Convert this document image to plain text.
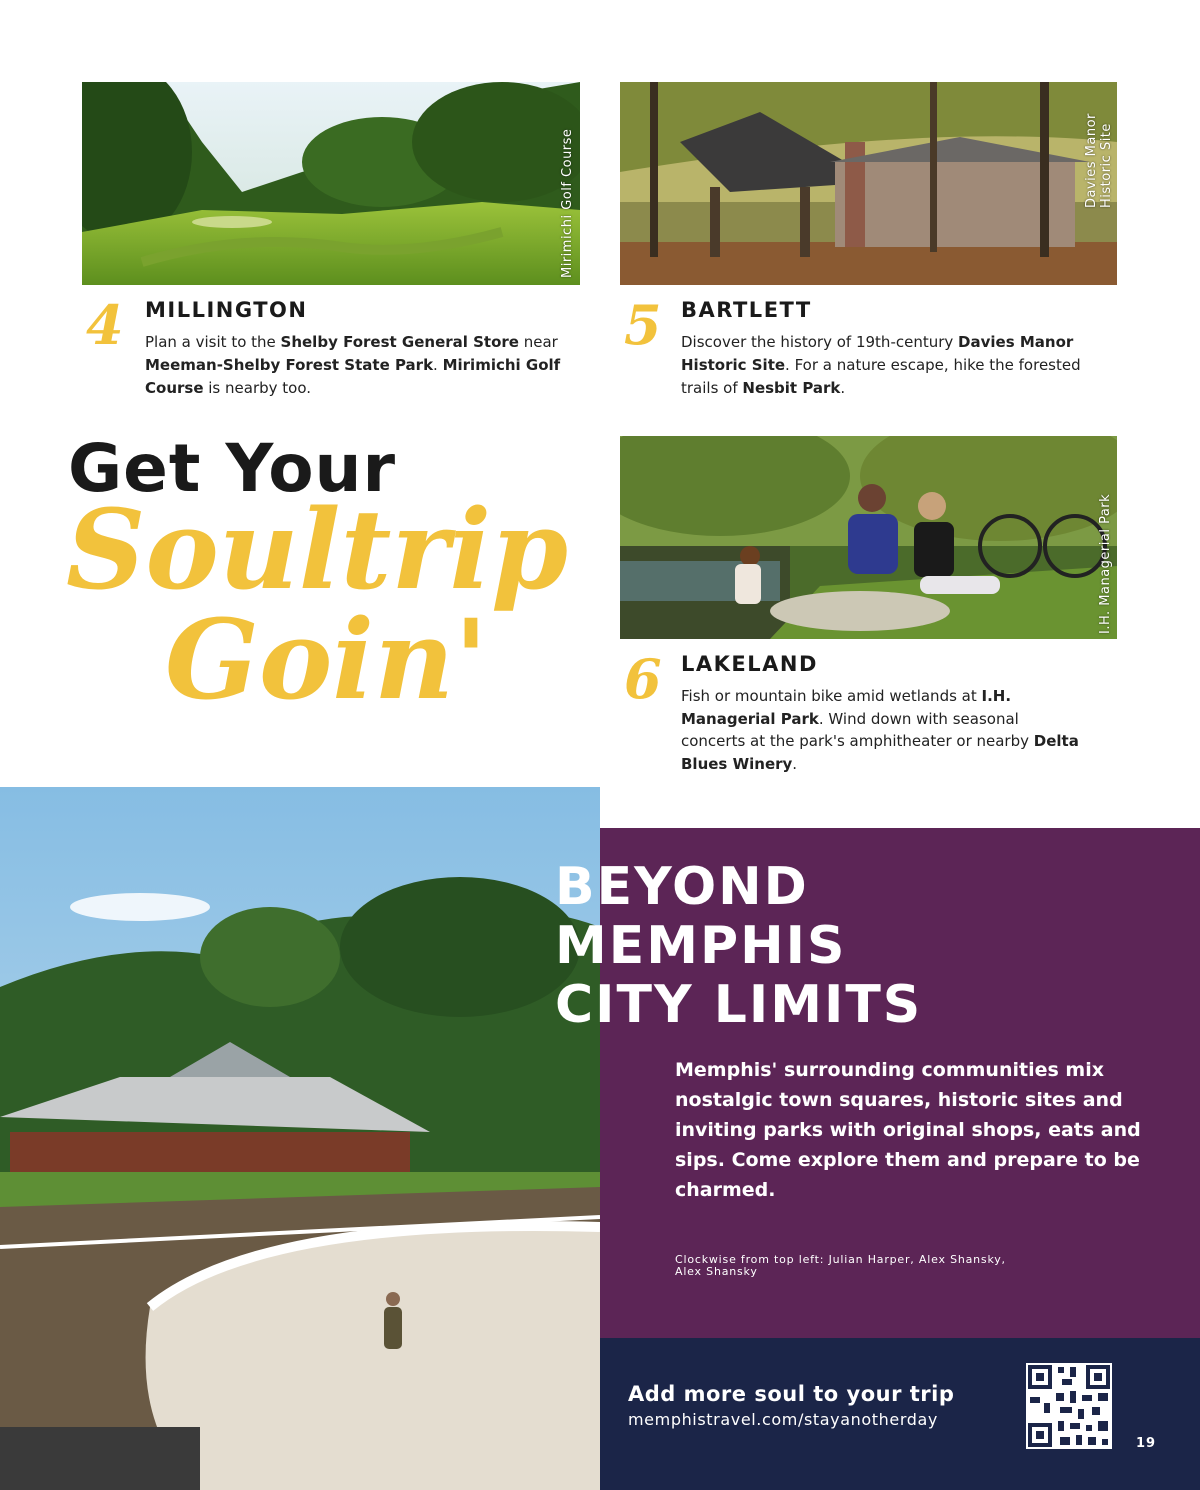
Mirimichi Golf Course	Davies Manor
Historic Site
4 MILLINGTON
Plan a visit to the Shelby Forest General Store near Meeman-Shelby Forest State Park. Mirimichi Golf Course is nearby too.
5 BARTLETT
Discover the history of 19th-century Davies Manor Historic Site. For a nature escape, hike the forested trails of Nesbit Park.
Get Your
Soultrip
Goin'
I.H. Managerial Park
6 LAKELAND
Fish or mountain bike amid wetlands at I.H. Managerial Park. Wind down with seasonal concerts at the park's amphitheater or nearby Delta Blues Winery.
BEYOND
MEMPHIS
CITY LIMITS
Memphis' surrounding communities mix nostalgic town squares, historic sites and inviting parks with original shops, eats and sips. Come explore them and prepare to be charmed.
Clockwise from top left: Julian Harper, Alex Shansky, Alex Shansky
Add more soul to your trip
memphistravel.com/stayanotherday
19
